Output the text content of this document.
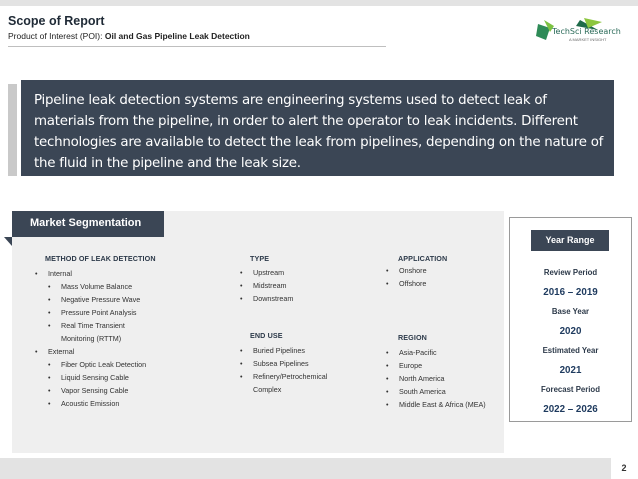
Scope of Report
Product of Interest (POI): Oil and Gas Pipeline Leak Detection	TechSci Research
A MARKET INSIGHT

Pipeline leak detection systems are engineering systems used to detect leak of materials from the pipeline, in order to alert the operator to leak incidents. Different technologies are available to detect the leak from pipelines, depending on the nature of the fluid in the pipeline and the leak size.

Market Segmentation
METHOD OF LEAK DETECTION
• Internal
• Mass Volume Balance
• Negative Pressure Wave
• Pressure Point Analysis
• Real Time Transient
Monitoring (RTTM)
• External
• Fiber Optic Leak Detection
• Liquid Sensing Cable
• Vapor Sensing Cable
• Acoustic Emission
TYPE
• Upstream
• Midstream
• Downstream
END USE
• Buried Pipelines
• Subsea Pipelines
• Refinery/Petrochemical
Complex
APPLICATION
• Onshore
• Offshore
REGION
• Asia-Pacific
• Europe
• North America
• South America
• Middle East & Africa (MEA)
Year Range
Review Period
2016 – 2019
Base Year
2020
Estimated Year
2021
Forecast Period
2022 – 2026
2
